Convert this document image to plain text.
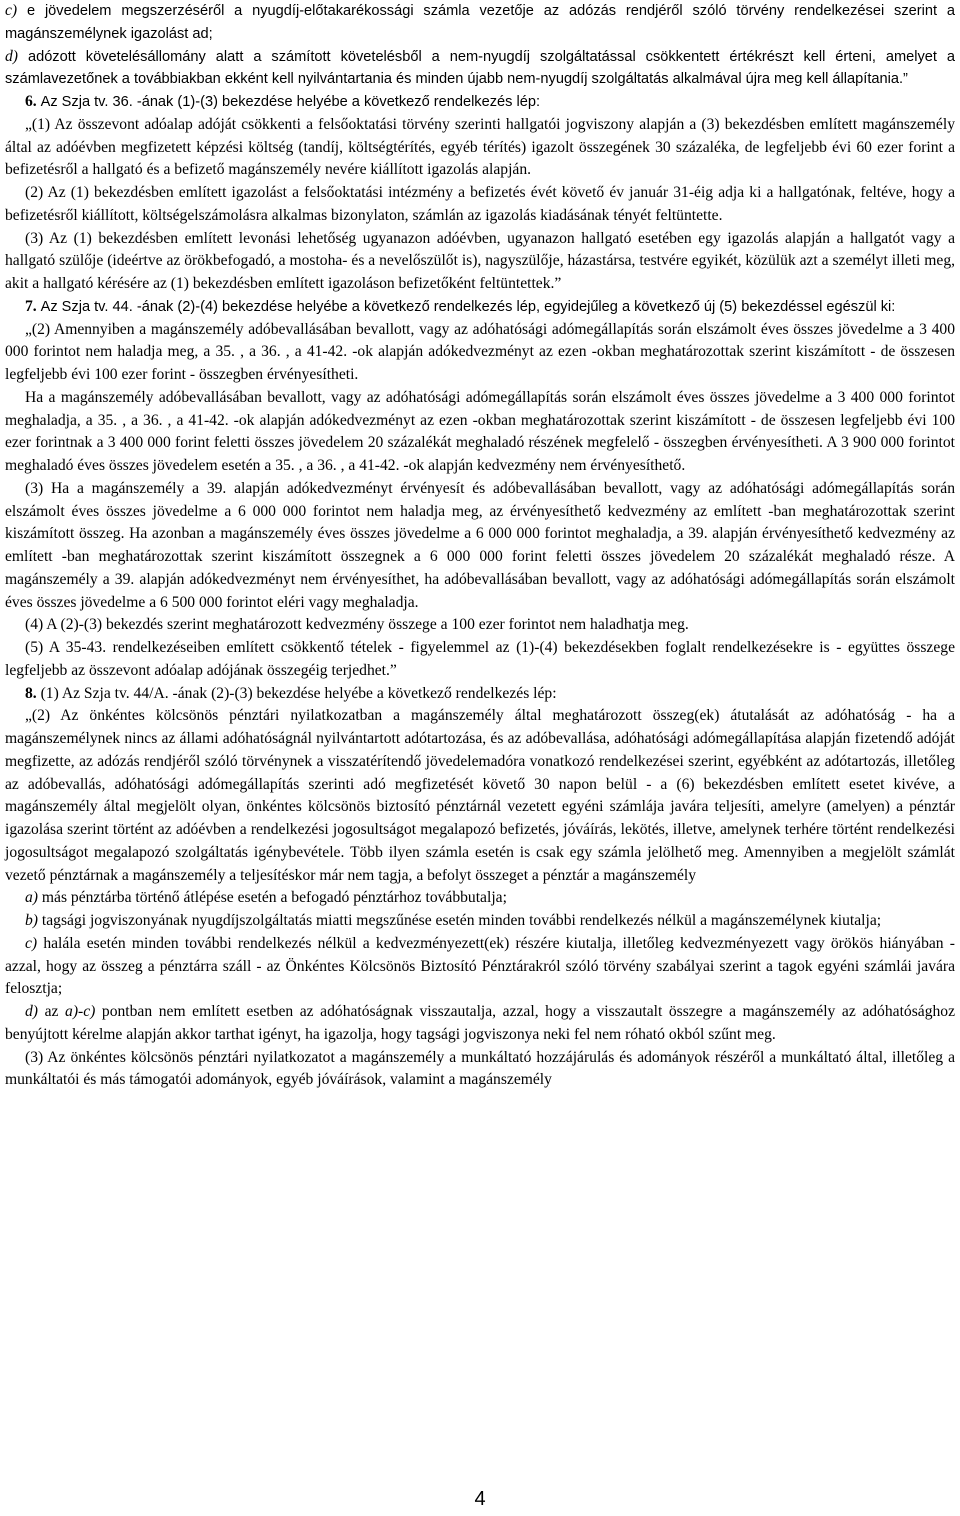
c) e jövedelem megszerzéséről a nyugdíj-előtakarékossági számla vezetője az adózás rendjéről szóló törvény rendelkezései szerint a magánszemélynek igazolást ad;

d) adózott követelésállomány alatt a számított követelésből a nem-nyugdíj szolgáltatással csökkentett értékrészt kell érteni, amelyet a számlavezetőnek a továbbiakban ekként kell nyilvántartania és minden újabb nem-nyugdíj szolgáltatás alkalmával újra meg kell állapítania.”

6. Az Szja tv. 36. -ának (1)-(3) bekezdése helyébe a következő rendelkezés lép:

„(1) Az összevont adóalap adóját csökkenti a felsőoktatási törvény szerinti hallgatói jogviszony alapján a (3) bekezdésben említett magánszemély által az adóévben megfizetett képzési költség (tandíj, költségtérítés, egyéb térítés) igazolt összegének 30 százaléka, de legfeljebb évi 60 ezer forint a befizetésről a hallgató és a befizető magánszemély nevére kiállított igazolás alapján.

(2) Az (1) bekezdésben említett igazolást a felsőoktatási intézmény a befizetés évét követő év január 31-éig adja ki a hallgatónak, feltéve, hogy a befizetésről kiállított, költségelszámolásra alkalmas bizonylaton, számlán az igazolás kiadásának tényét feltüntette.

(3) Az (1) bekezdésben említett levonási lehetőség ugyanazon adóévben, ugyanazon hallgató esetében egy igazolás alapján a hallgatót vagy a hallgató szülője (ideértve az örökbefogadó, a mostoha- és a nevelőszülőt is), nagyszülője, házastársa, testvére egyikét, közülük azt a személyt illeti meg, akit a hallgató kérésére az (1) bekezdésben említett igazoláson befizetőként feltüntettek.”

7. Az Szja tv. 44. -ának (2)-(4) bekezdése helyébe a következő rendelkezés lép, egyidejűleg a következő új (5) bekezdéssel egészül ki:

„(2) Amennyiben a magánszemély adóbevallásában bevallott, vagy az adóhatósági adómegállapítás során elszámolt éves összes jövedelme a 3 400 000 forintot nem haladja meg, a 35. , a 36. , a 41-42. -ok alapján adókedvezményt az ezen -okban meghatározottak szerint kiszámított - de összesen legfeljebb évi 100 ezer forint - összegben érvényesítheti.

Ha a magánszemély adóbevallásában bevallott, vagy az adóhatósági adómegállapítás során elszámolt éves összes jövedelme a 3 400 000 forintot meghaladja, a 35. , a 36. , a 41-42. -ok alapján adókedvezményt az ezen -okban meghatározottak szerint kiszámított - de összesen legfeljebb évi 100 ezer forintnak a 3 400 000 forint feletti összes jövedelem 20 százalékát meghaladó részének megfelelő - összegben érvényesítheti. A 3 900 000 forintot meghaladó éves összes jövedelem esetén a 35. , a 36. , a 41-42. -ok alapján kedvezmény nem érvényesíthető.

(3) Ha a magánszemély a 39. alapján adókedvezményt érvényesít és adóbevallásában bevallott, vagy az adóhatósági adómegállapítás során elszámolt éves összes jövedelme a 6 000 000 forintot nem haladja meg, az érvényesíthető kedvezmény az említett -ban meghatározottak szerint kiszámított összeg. Ha azonban a magánszemély éves összes jövedelme a 6 000 000 forintot meghaladja, a 39. alapján érvényesíthető kedvezmény az említett -ban meghatározottak szerint kiszámított összegnek a 6 000 000 forint feletti összes jövedelem 20 százalékát meghaladó része. A magánszemély a 39. alapján adókedvezményt nem érvényesíthet, ha adóbevallásában bevallott, vagy az adóhatósági adómegállapítás során elszámolt éves összes jövedelme a 6 500 000 forintot eléri vagy meghaladja.

(4) A (2)-(3) bekezdés szerint meghatározott kedvezmény összege a 100 ezer forintot nem haladhatja meg.

(5) A 35-43. rendelkezéseiben említett csökkentő tételek - figyelemmel az (1)-(4) bekezdésekben foglalt rendelkezésekre is - együttes összege legfeljebb az összevont adóalap adójának összegéig terjedhet.”

8. (1) Az Szja tv. 44/A. -ának (2)-(3) bekezdése helyébe a következő rendelkezés lép:

„(2) Az önkéntes kölcsönös pénztári nyilatkozatban a magánszemély által meghatározott összeg(ek) átutalását az adóhatóság - ha a magánszemélynek nincs az állami adóhatóságnál nyilvántartott adótartozása, és az adóbevallása, adóhatósági adómegállapítása alapján fizetendő adóját megfizette, az adózás rendjéről szóló törvénynek a visszatérítendő jövedelemadóra vonatkozó rendelkezései szerint, egyébként az adótartozás, illetőleg az adóbevallás, adóhatósági adómegállapítás szerinti adó megfizetését követő 30 napon belül - a (6) bekezdésben említett esetet kivéve, a magánszemély által megjelölt olyan, önkéntes kölcsönös biztosító pénztárnál vezetett egyéni számlája javára teljesíti, amelyre (amelyen) a pénztár igazolása szerint történt az adóévben a rendelkezési jogosultságot megalapozó befizetés, jóváírás, lekötés, illetve, amelynek terhére történt rendelkezési jogosultságot megalapozó szolgáltatás igénybevétele. Több ilyen számla esetén is csak egy számla jelölhető meg. Amennyiben a megjelölt számlát vezető pénztárnak a magánszemély a teljesítéskor már nem tagja, a befolyt összeget a pénztár a magánszemély

a) más pénztárba történő átlépése esetén a befogadó pénztárhoz továbbutalja;

b) tagsági jogviszonyának nyugdíjszolgáltatás miatti megszűnése esetén minden további rendelkezés nélkül a magánszemélynek kiutalja;

c) halála esetén minden további rendelkezés nélkül a kedvezményezett(ek) részére kiutalja, illetőleg kedvezményezett vagy örökös hiányában - azzal, hogy az összeg a pénztárra száll - az Önkéntes Kölcsönös Biztosító Pénztárakról szóló törvény szabályai szerint a tagok egyéni számlái javára felosztja;

d) az a)-c) pontban nem említett esetben az adóhatóságnak visszautalja, azzal, hogy a visszautalt összegre a magánszemély az adóhatósághoz benyújtott kérelme alapján akkor tarthat igényt, ha igazolja, hogy tagsági jogviszonya neki fel nem róható okból szűnt meg.

(3) Az önkéntes kölcsönös pénztári nyilatkozatot a magánszemély a munkáltató hozzájárulás és adományok részéről a munkáltató által, illetőleg a munkáltatói és más támogatói adományok, egyéb jóváírások, valamint a magánszemély

4
